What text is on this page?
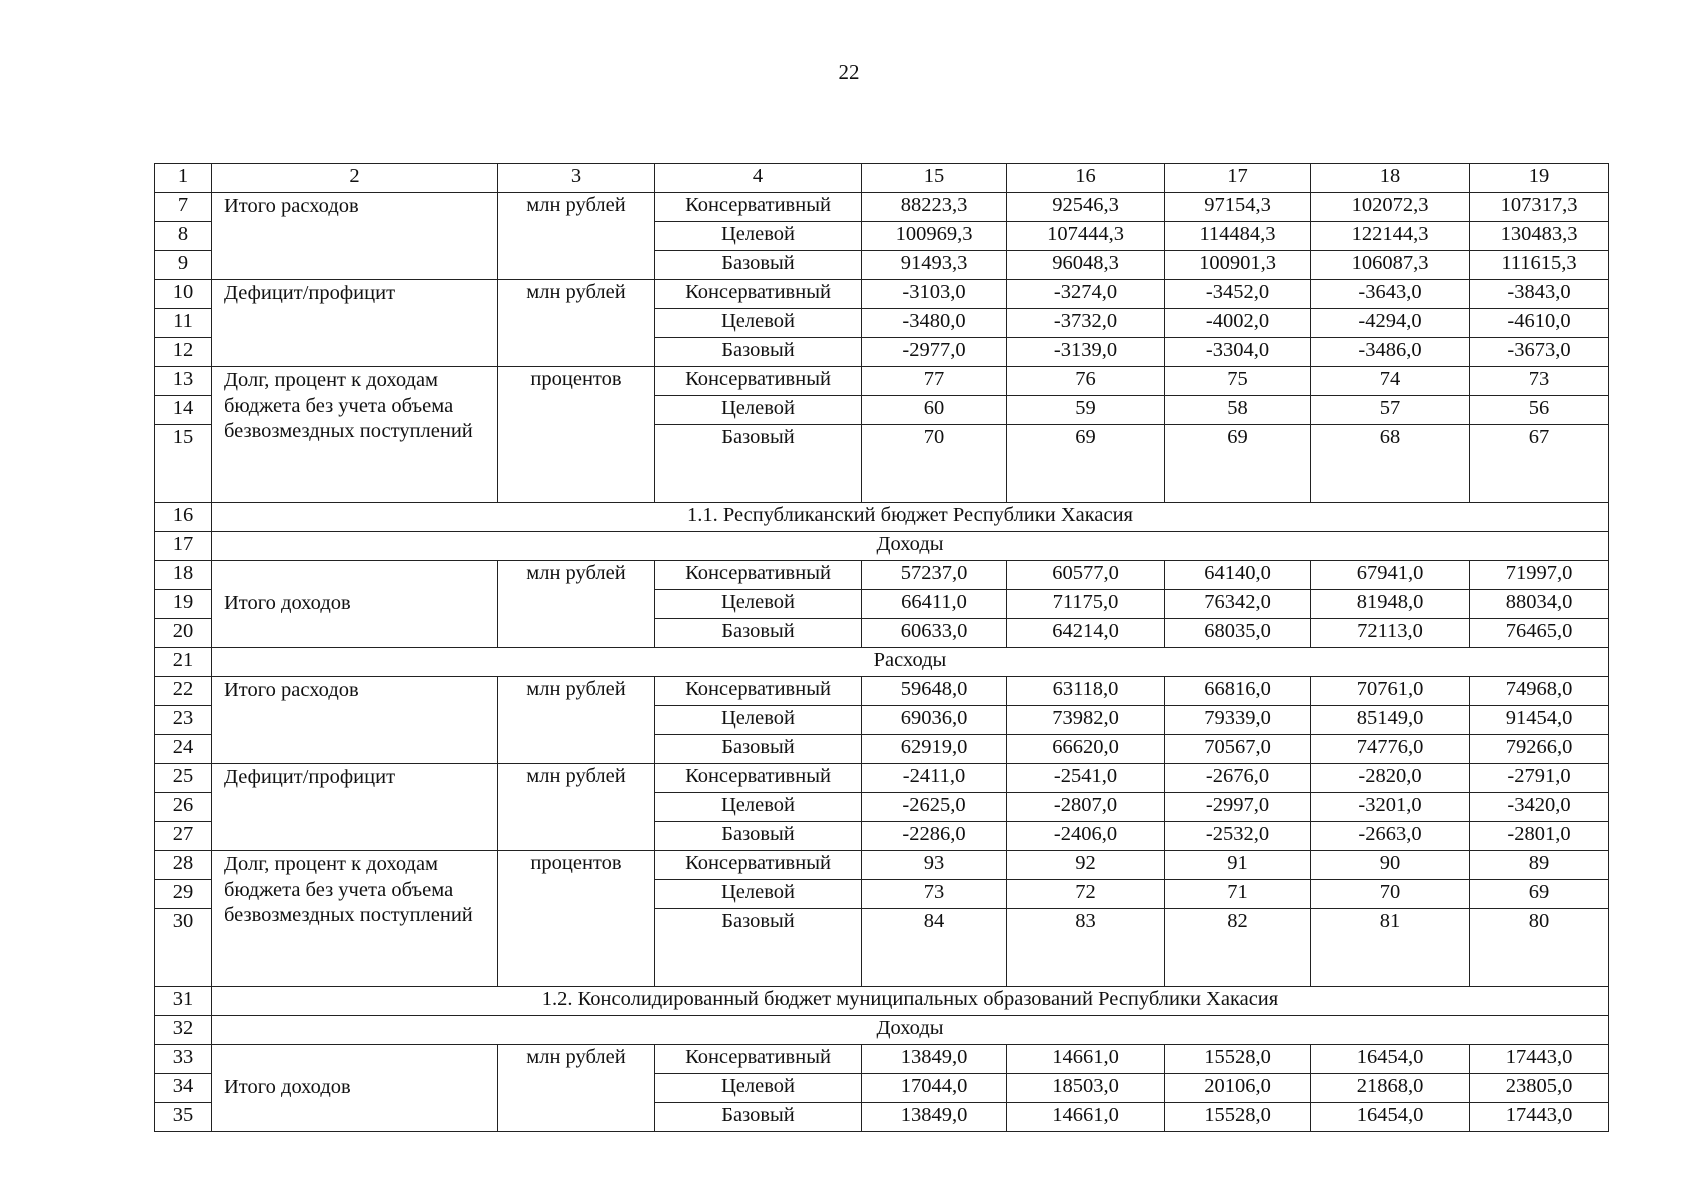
22
1	2	3	4	15	16	17	18	19
7	Итого расходов	млн рублей	Консервативный	88223,3	92546,3	97154,3	102072,3	107317,3
8			Целевой	100969,3	107444,3	114484,3	122144,3	130483,3
9			Базовый	91493,3	96048,3	100901,3	106087,3	111615,3
10	Дефицит/профицит	млн рублей	Консервативный	-3103,0	-3274,0	-3452,0	-3643,0	-3843,0
11			Целевой	-3480,0	-3732,0	-4002,0	-4294,0	-4610,0
12			Базовый	-2977,0	-3139,0	-3304,0	-3486,0	-3673,0
13	Долг, процент к доходам бюджета без учета объема безвозмездных поступлений	процентов	Консервативный	77	76	75	74	73
14			Целевой	60	59	58	57	56
15			Базовый	70	69	69	68	67
16	1.1. Республиканский бюджет Республики Хакасия							
17	Доходы							
18	Итого доходов	млн рублей	Консервативный	57237,0	60577,0	64140,0	67941,0	71997,0
19			Целевой	66411,0	71175,0	76342,0	81948,0	88034,0
20			Базовый	60633,0	64214,0	68035,0	72113,0	76465,0
21	Расходы							
22	Итого расходов	млн рублей	Консервативный	59648,0	63118,0	66816,0	70761,0	74968,0
23			Целевой	69036,0	73982,0	79339,0	85149,0	91454,0
24			Базовый	62919,0	66620,0	70567,0	74776,0	79266,0
25	Дефицит/профицит	млн рублей	Консервативный	-2411,0	-2541,0	-2676,0	-2820,0	-2791,0
26			Целевой	-2625,0	-2807,0	-2997,0	-3201,0	-3420,0
27			Базовый	-2286,0	-2406,0	-2532,0	-2663,0	-2801,0
28	Долг, процент к доходам бюджета без учета объема безвозмездных поступлений	процентов	Консервативный	93	92	91	90	89
29			Целевой	73	72	71	70	69
30			Базовый	84	83	82	81	80
31	1.2. Консолидированный бюджет муниципальных образований Республики Хакасия							
32	Доходы							
33	Итого доходов	млн рублей	Консервативный	13849,0	14661,0	15528,0	16454,0	17443,0
34			Целевой	17044,0	18503,0	20106,0	21868,0	23805,0
35			Базовый	13849,0	14661,0	15528,0	16454,0	17443,0
